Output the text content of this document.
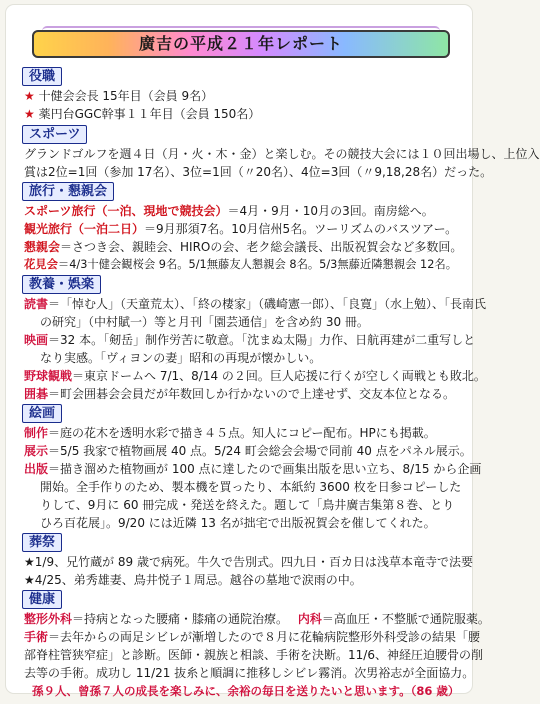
廣吉の平成２１年レポート
役職
★ 十健会会長 15年目（会員 9名）
★ 薬円台GGC幹事１１年目（会員 150名）
スポーツ
グランドゴルフを週４日（月・火・木・金）と楽しむ。その競技大会には１０回出場し、上位入
賞は2位=1回（参加 17名）、3位=1回（〃20名）、4位=3回（〃9,18,28名）だった。
旅行・懇親会
スポーツ旅行（一泊、現地で競技会）＝4月・9月・10月の3回。南房総へ。
観光旅行（一泊二日）＝9月那須7名。10月信州5名。ツーリズムのバスツアー。
懇親会＝さつき会、親睦会、HIROの会、老ク総会議長、出版祝賀会など多数回。
花見会＝4/3十健会観桜会 9名。5/1無藤友人懇親会 8名。5/3無藤近隣懇親会 12名。
教養・娯楽
読書＝「悼む人」（天童荒太）、「終の棲家」（磯崎憲一郎）、「良寛」（水上勉）、「長南氏
の研究」（中村賦一）等と月刊「園芸通信」を含め約 30 冊。
映画＝32 本。「剱岳」制作労苦に敬意。「沈まぬ太陽」力作、日航再建が二重写しと
なり実感。「ヴィヨンの妻」昭和の再現が懐かしい。
野球観戦＝東京ドームへ 7/1、8/14 の２回。巨人応援に行くが空しく両戦とも敗北。
囲碁＝町会囲碁会会員だが年数回しか行かないので上達せず、交友本位となる。
絵画
制作＝庭の花木を透明水彩で描き４５点。知人にコピー配布。HPにも掲載。
展示＝5/5 我家で植物画展 40 点。5/24 町会総会会場で同前 40 点をパネル展示。
出版＝描き溜めた植物画が 100 点に達したので画集出版を思い立ち、8/15 から企画
開始。全手作りのため、製本機を買ったり、本紙約 3600 枚を日参コピーした
りして、9月に 60 冊完成・発送を終えた。題して「鳥井廣吉集第８巻、とり
ひろ百花展」。9/20 には近隣 13 名が拙宅で出版祝賀会を催してくれた。
葬祭
★1/9、兄竹蔵が 89 歳で病死。牛久で告別式。四九日・百カ日は浅草本竜寺で法要
★4/25、弟秀雄妻、鳥井悦子１周忌。越谷の墓地で涙雨の中。
健康
整形外科＝持病となった腰痛・膝痛の通院治療。 内科＝高血圧・不整脈で通院服薬。
手術＝去年からの両足シビレが漸増したので８月に花輪病院整形外科受診の結果「腰
部脊柱管狭窄症」と診断。医師・親族と相談、手術を決断。11/6、神経圧迫腰骨の削
去等の手術。成功し 11/21 抜糸と順調に推移しシビレ霧消。次男裕志が全面協力。
孫９人、曾孫７人の成長を楽しみに、余裕の毎日を送りたいと思います。（86 歳）
